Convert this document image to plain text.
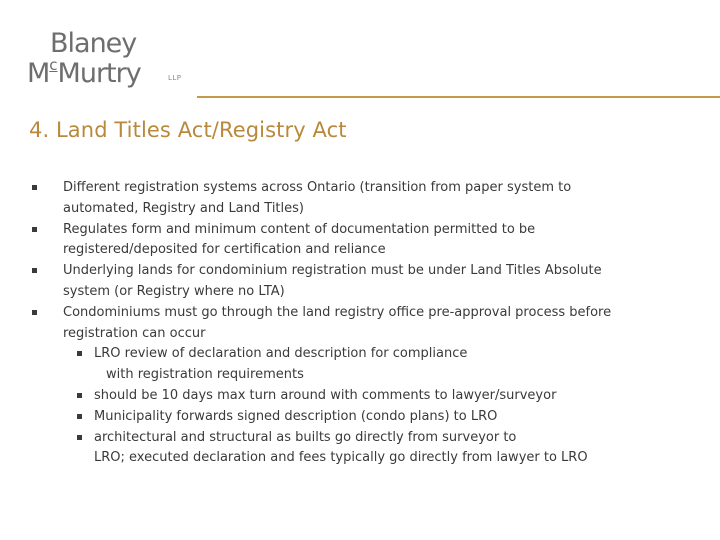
Blaney
$M^cMurtry$	LLP
4. Land Titles Act/Registry Act
Different registration systems across Ontario (transition from paper system to
automated, Registry and Land Titles)
Regulates form and minimum content of documentation permitted to be
registered/deposited for certification and reliance
Underlying lands for condominium registration must be under Land Titles Absolute
system (or Registry where no LTA)
Condominiums must go through the land registry office pre-approval process before
registration can occur
LRO review of declaration and description for compliance
with registration requirements
should be 10 days max turn around with comments to lawyer/surveyor
Municipality forwards signed description (condo plans) to LRO
architectural and structural as builts go directly from surveyor to
LRO; executed declaration and fees typically go directly from lawyer to LRO
